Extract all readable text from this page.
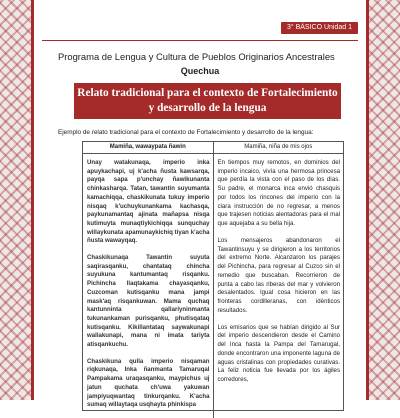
3° BÁSICO Unidad 1
Programa de Lengua y Cultura de Pueblos Originarios Ancestrales
Quechua
Relato tradicional para el contexto de Fortalecimiento y desarrollo de la lengua
Ejemplo de relato tradicional para el contexto de Fortalecimiento y desarrollo de la lengua:
Mamiña, wawaypata ñawin	Mamiña, niña de mis ojos

Unay watakunaqa, imperio inka apuykachapi, uj k'acha ñusta kawsarqa, payqa sapa p'unchay ñawikunanta chinkasharqa. Tatan, tawantin suyumanta kamachiqqa, chaskikunata tukuy imperio nisqaq k'uchuykunankama kachasqa, paykunamantaq ajinata mañapsa nisqa kutimuyta munaqtiykichiqqa sunquchay willaykunata apamunaykichiq tiyan k'acha ñusta wawayqaq.

Chaskikunaqa Tawantin suyuta saqirasqanku, chantataq chincha suyukuna kantumantaq risqanku. Pichincha llaqtakama chayasqanku, Cuzcoman kutisqanku mana jampi mask'aq risqankuwan. Mama quchaq kantunninta qallariyninmanta tukunankaman purisqanku, phutisqataq kutisqanku. Kikillantataq saywakunapi wallakunapi, mana ni imata tariyta atisqankuchu.

Chaskikuna qulla imperio nisqaman riqkunaqa, Inka ñanmanta Tamaruqal Pampakama uraqasqanku, maypichus uj jatun quchata ch'uwa yakuwan jampiyuqwantaq tinkurqanku. K'acha sumaq willaytaqa usqhayta phinkispa

En tiempos muy remotos, en dominios del imperio incaico, vivía una hermosa princesa que perdía la vista con el paso de los días. Su padre, el monarca inca envió chasquis por todos los rincones del imperio con la clara instrucción de no regresar, a menos que trajesen noticias alentadoras para el mal que aquejaba a su bella hija.

Los mensajeros abandonaron el Tawantinsuyu y se dirigieron a los territorios del extremo Norte. Alcanzaron los parajes del Pichincha, para regresar al Cuzco sin el remedio que buscaban. Recorrieron de punta a cabo las riberas del mar y volvieron desalentados. Igual cosa hicieron en las fronteras cordilleranas, con idénticos resultados.

Los emisarios que se habían dirigido al Sur del imperio descendieron desde el Camino del Inca hasta la Pampa del Tamarugal, donde encontraron una imponente laguna de aguas cristalinas con propiedades curativas. La feliz noticia fue llevada por los ágiles corredores,
